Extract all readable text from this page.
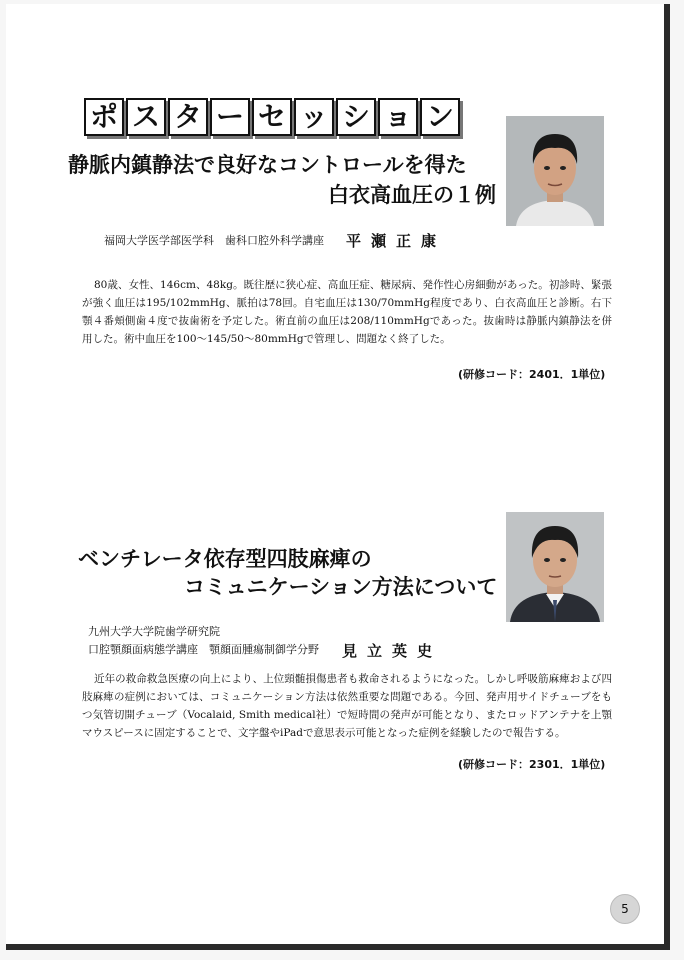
ポ ス タ ー セ ッ シ ョ ン
静脈内鎮静法で良好なコントロールを得た
白衣高血圧の１例
福岡大学医学部医学科　歯科口腔外科学講座 平瀬正康
80歳、女性、146cm、48kg。既往歴に狭心症、高血圧症、糖尿病、発作性心房細動があった。初診時、緊張が強く血圧は195/102mmHg、脈拍は78回。自宅血圧は130/70mmHg程度であり、白衣高血圧と診断。右下顎４番頬側歯４度で抜歯術を予定した。術直前の血圧は208/110mmHgであった。抜歯時は静脈内鎮静法を併用した。術中血圧を100～145/50～80mmHgで管理し、問題なく終了した。
(研修コード：2401．1単位)
ベンチレータ依存型四肢麻痺の
コミュニケーション方法について
九州大学大学院歯学研究院
口腔顎顔面病態学講座　顎顔面腫瘍制御学分野 見立英史
近年の救命救急医療の向上により、上位頸髄損傷患者も救命されるようになった。しかし呼吸筋麻痺および四肢麻痺の症例においては、コミュニケーション方法は依然重要な問題である。今回、発声用サイドチューブをもつ気管切開チューブ（Vocalaid, Smith medical社）で短時間の発声が可能となり、またロッドアンテナを上顎マウスピースに固定することで、文字盤やiPadで意思表示可能となった症例を経験したので報告する。
(研修コード：2301．1単位)
5
